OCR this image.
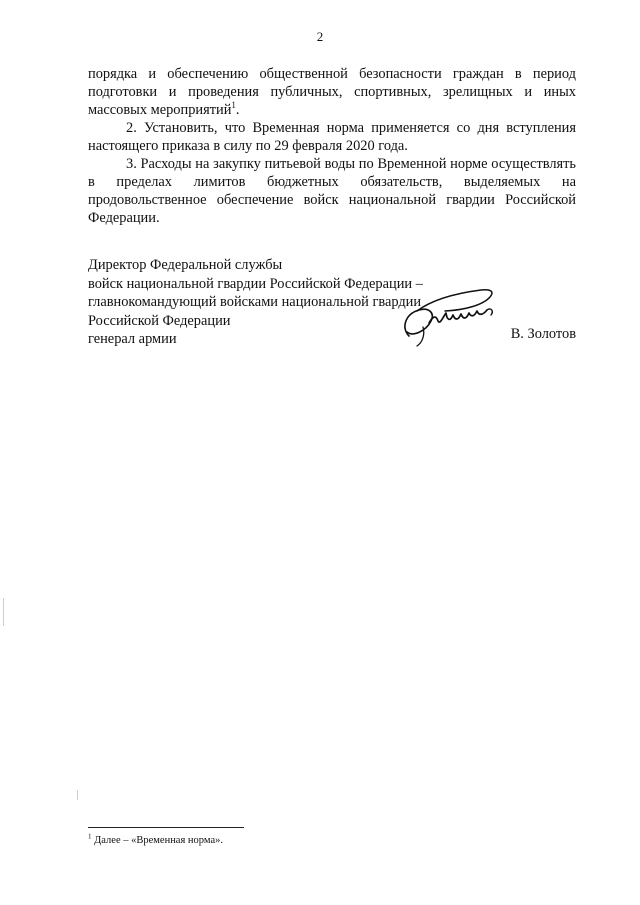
2

порядка и обеспечению общественной безопасности граждан в период подготовки и проведения публичных, спортивных, зрелищных и иных массовых мероприятий$^1$.

2. Установить, что Временная норма применяется со дня вступления настоящего приказа в силу по 29 февраля 2020 года.

3. Расходы на закупку питьевой воды по Временной норме осуществлять в пределах лимитов бюджетных обязательств, выделяемых на продовольственное обеспечение войск национальной гвардии Российской Федерации.

Директор Федеральной службы
войск национальной гвардии Российской Федерации –
главнокомандующий войсками национальной гвардии
Российской Федерации
генерал армии	В. Золотов
$^1$ Далее – «Временная норма».
